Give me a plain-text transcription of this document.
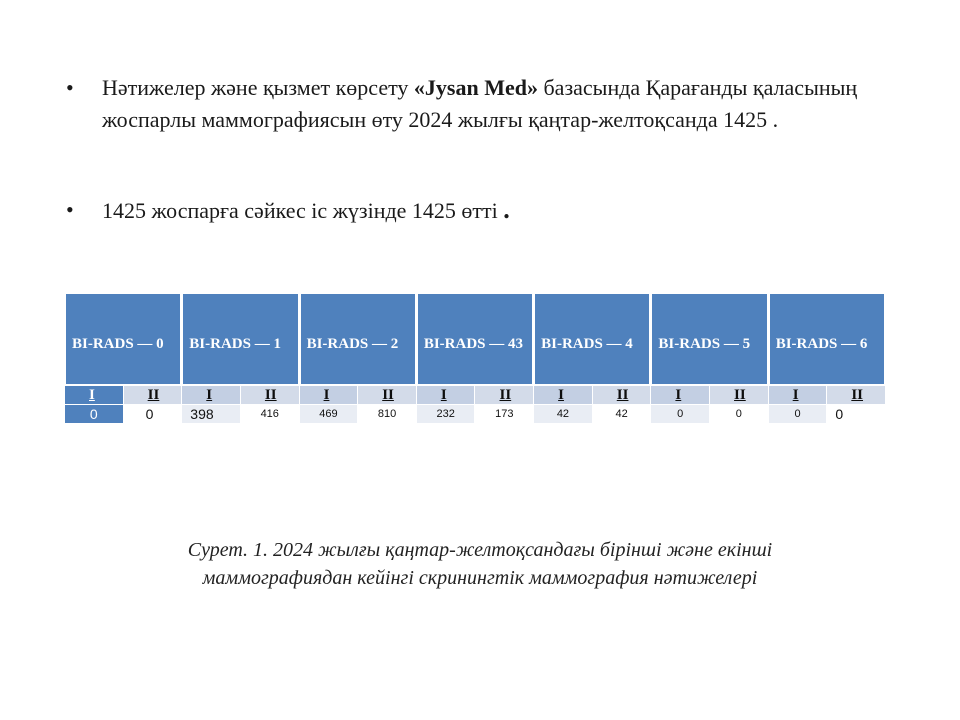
• Нәтижелер және қызмет көрсету «Jysan Med» базасында Қарағанды қаласының жоспарлы маммографиясын өту 2024 жылғы қаңтар-желтоқсанда 1425 .
• 1425 жоспарға сәйкес іс жүзінде 1425 өтті .
BI-RADS — 0		BI-RADS — 1		BI-RADS — 2		BI-RADS — 43		BI-RADS — 4		BI-RADS — 5		BI-RADS — 6	
I	II	I	II	I	II	I	II	I	II	I	II	I	II
0	0	398	416	469	810	232	173	42	42	0	0	0	0
Сурет. 1. 2024 жылғы қаңтар-желтоқсандағы бірінші және екінші
маммографиядан кейінгі скринингтік маммография нәтижелері
